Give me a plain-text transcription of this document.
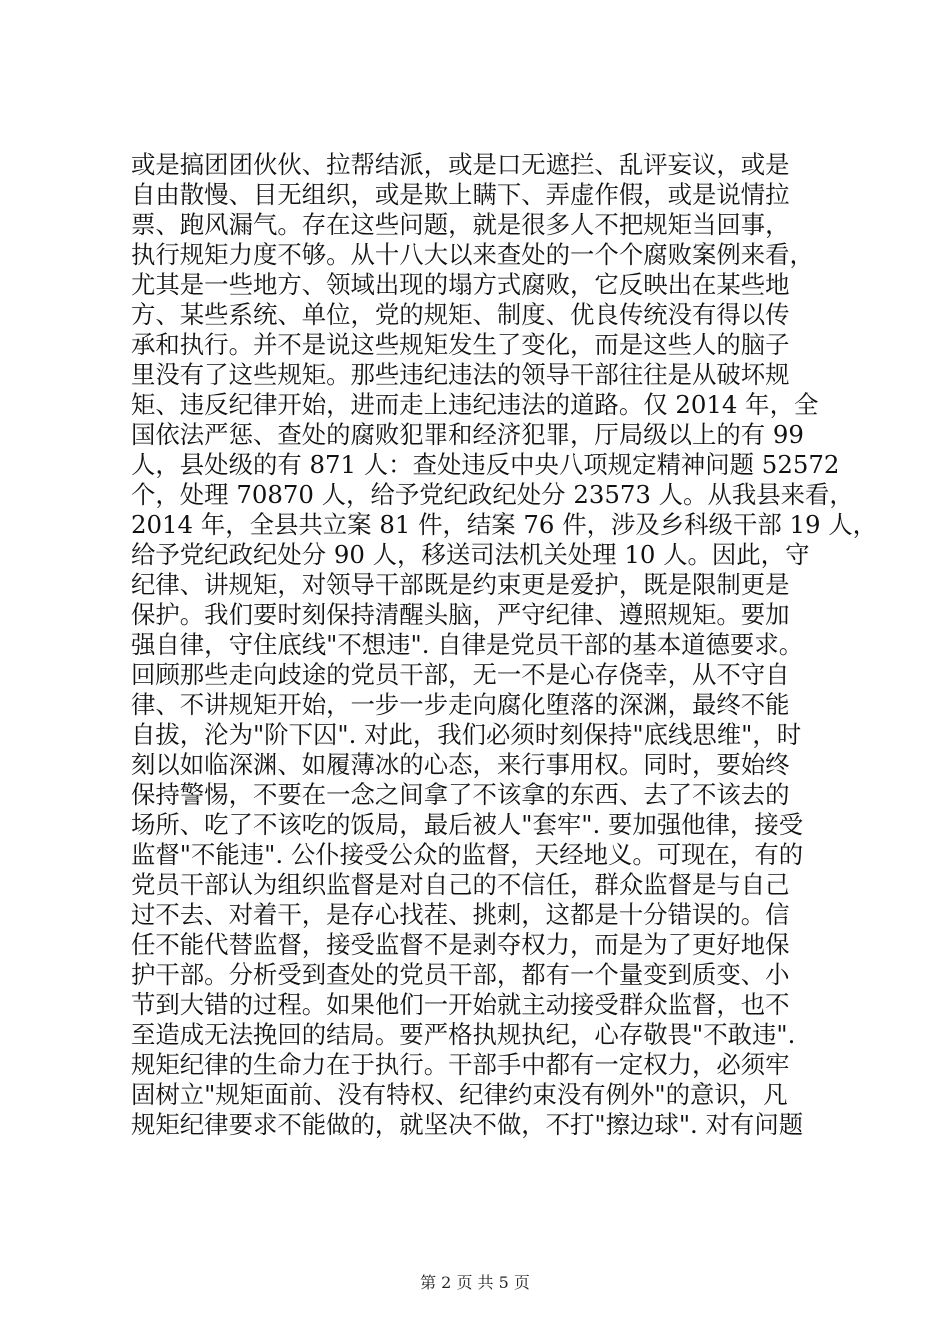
或是搞团团伙伙、拉帮结派，或是口无遮拦、乱评妄议，或是
自由散慢、目无组织，或是欺上瞒下、弄虚作假，或是说情拉
票、跑风漏气。存在这些问题，就是很多人不把规矩当回事，
执行规矩力度不够。从十八大以来查处的一个个腐败案例来看，
尤其是一些地方、领域出现的塌方式腐败，它反映出在某些地
方、某些系统、单位，党的规矩、制度、优良传统没有得以传
承和执行。并不是说这些规矩发生了变化，而是这些人的脑子
里没有了这些规矩。那些违纪违法的领导干部往往是从破坏规
矩、违反纪律开始，进而走上违纪违法的道路。仅 2014 年，全
国依法严惩、查处的腐败犯罪和经济犯罪，厅局级以上的有 99
人，县处级的有 871 人：查处违反中央八项规定精神问题 52572
个，处理 70870 人，给予党纪政纪处分 23573 人。从我县来看，
2014 年，全县共立案 81 件，结案 76 件，涉及乡科级干部 19 人，
给予党纪政纪处分 90 人，移送司法机关处理 10 人。因此，守
纪律、讲规矩，对领导干部既是约束更是爱护，既是限制更是
保护。我们要时刻保持清醒头脑，严守纪律、遵照规矩。要加
强自律，守住底线"不想违". 自律是党员干部的基本道德要求。
回顾那些走向歧途的党员干部，无一不是心存侥幸，从不守自
律、不讲规矩开始，一步一步走向腐化堕落的深渊，最终不能
自拔，沦为"阶下囚". 对此，我们必须时刻保持"底线思维"，时
刻以如临深渊、如履薄冰的心态，来行事用权。同时，要始终
保持警惕，不要在一念之间拿了不该拿的东西、去了不该去的
场所、吃了不该吃的饭局，最后被人"套牢". 要加强他律，接受
监督"不能违". 公仆接受公众的监督，天经地义。可现在，有的
党员干部认为组织监督是对自己的不信任，群众监督是与自己
过不去、对着干，是存心找茬、挑刺，这都是十分错误的。信
任不能代替监督，接受监督不是剥夺权力，而是为了更好地保
护干部。分析受到查处的党员干部，都有一个量变到质变、小
节到大错的过程。如果他们一开始就主动接受群众监督，也不
至造成无法挽回的结局。要严格执规执纪，心存敬畏"不敢违".
规矩纪律的生命力在于执行。干部手中都有一定权力，必须牢
固树立"规矩面前、没有特权、纪律约束没有例外"的意识，凡
规矩纪律要求不能做的，就坚决不做，不打"擦边球". 对有问题
第 2 页 共 5 页
